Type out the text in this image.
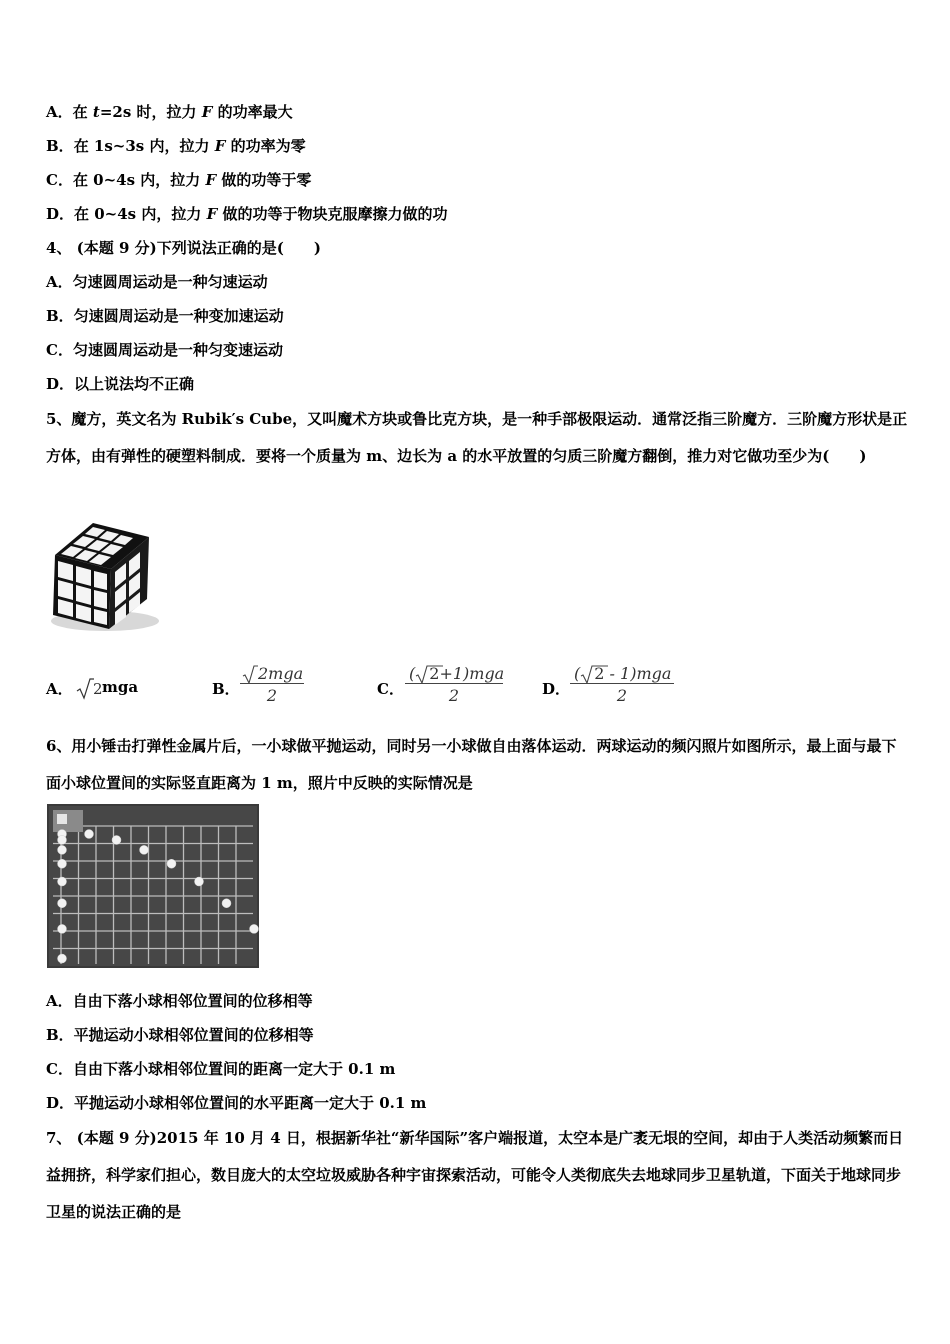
A．在 t=2s 时，拉力 F 的功率最大
B．在 1s~3s 内，拉力 F 的功率为零
C．在 0~4s 内，拉力 F 做的功等于零
D．在 0~4s 内，拉力 F 做的功等于物块克服摩擦力做的功
4、 (本题 9 分)下列说法正确的是(　　)
A．匀速圆周运动是一种匀速运动
B．匀速圆周运动是一种变加速运动
C．匀速圆周运动是一种匀变速运动
D．以上说法均不正确
5、魔方，英文名为 Rubik′s Cube，又叫魔术方块或鲁比克方块，是一种手部极限运动．通常泛指三阶魔方．三阶魔方形状是正方体，由有弹性的硬塑料制成．要将一个质量为 m、边长为 a 的水平放置的匀质三阶魔方翻倒，推力对它做功至少为(　　)
A． 2 mga	B．
2mga
2	C．
( 2+1)mga
2	D．
( 2 - 1)mga
2
6、用小锤击打弹性金属片后，一小球做平抛运动，同时另一小球做自由落体运动．两球运动的频闪照片如图所示，最上面与最下面小球位置间的实际竖直距离为 1 m，照片中反映的实际情况是
A．自由下落小球相邻位置间的位移相等
B．平抛运动小球相邻位置间的位移相等
C．自由下落小球相邻位置间的距离一定大于 0.1 m
D．平抛运动小球相邻位置间的水平距离一定大于 0.1 m
7、 (本题 9 分)2015 年 10 月 4 日，根据新华社“新华国际”客户端报道，太空本是广袤无垠的空间，却由于人类活动频繁而日益拥挤，科学家们担心，数目庞大的太空垃圾威胁各种宇宙探索活动，可能令人类彻底失去地球同步卫星轨道，下面关于地球同步卫星的说法正确的是
